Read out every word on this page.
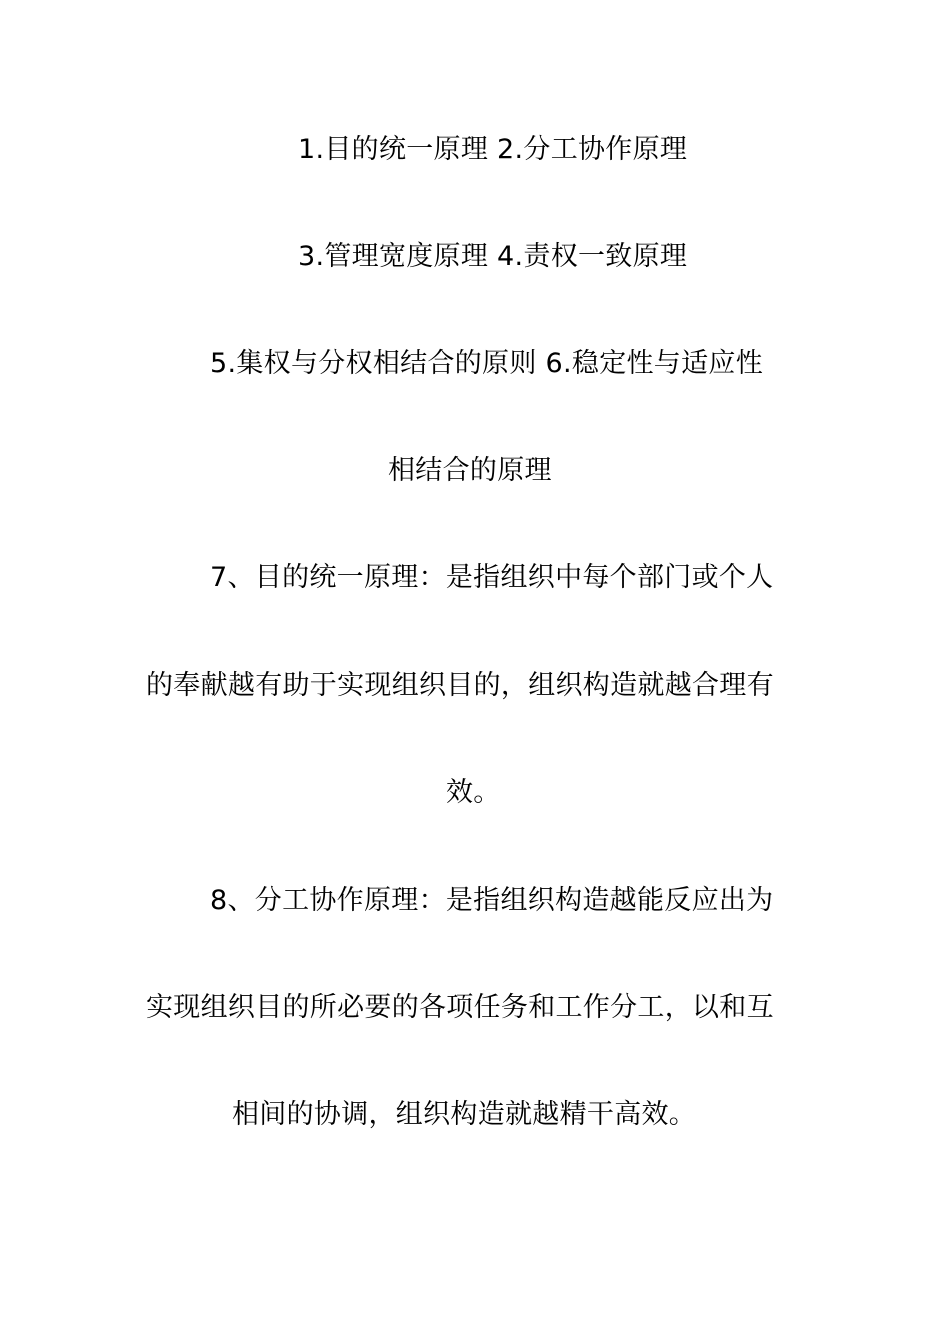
1.目的统一原理 2.分工协作原理
3.管理宽度原理 4.责权一致原理
5.集权与分权相结合的原则 6.稳定性与适应性
相结合的原理
7、目的统一原理：是指组织中每个部门或个人
的奉献越有助于实现组织目的，组织构造就越合理有
效。
8、分工协作原理：是指组织构造越能反应出为
实现组织目的所必要的各项任务和工作分工，以和互
相间的协调，组织构造就越精干高效。
